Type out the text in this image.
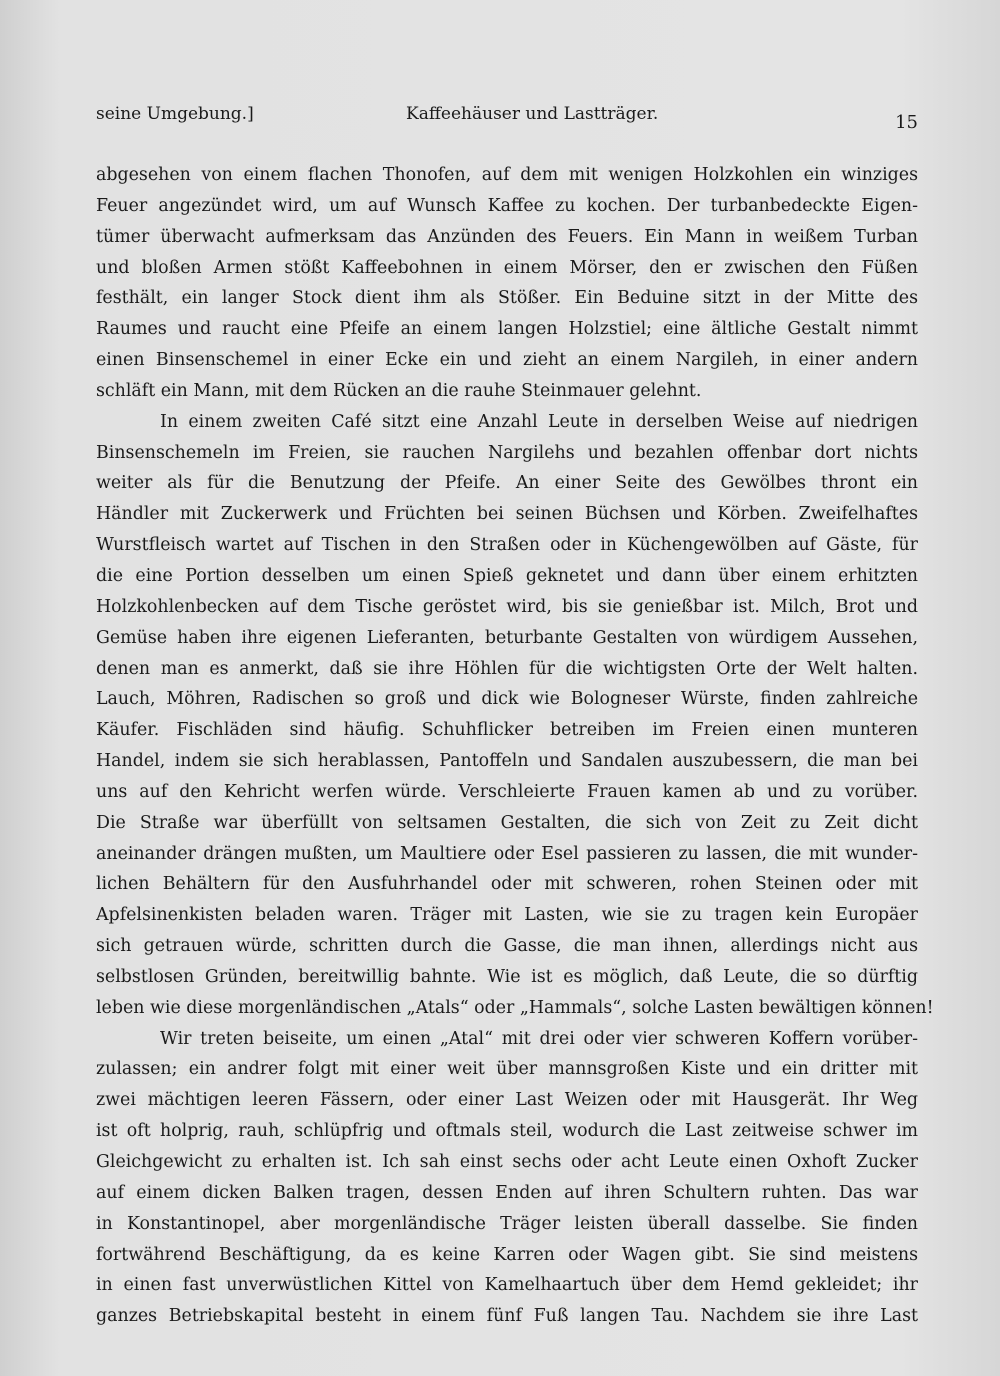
seine Umgebung.]	Kaffeehäuser und Lastträger.	15
abgesehen von einem flachen Thonofen, auf dem mit wenigen Holzkohlen ein winziges
Feuer angezündet wird, um auf Wunsch Kaffee zu kochen. Der turbanbedeckte Eigen-
tümer überwacht aufmerksam das Anzünden des Feuers. Ein Mann in weißem Turban
und bloßen Armen stößt Kaffeebohnen in einem Mörser, den er zwischen den Füßen
festhält, ein langer Stock dient ihm als Stößer. Ein Beduine sitzt in der Mitte des
Raumes und raucht eine Pfeife an einem langen Holzstiel; eine ältliche Gestalt nimmt
einen Binsenschemel in einer Ecke ein und zieht an einem Nargileh, in einer andern
schläft ein Mann, mit dem Rücken an die rauhe Steinmauer gelehnt.
In einem zweiten Café sitzt eine Anzahl Leute in derselben Weise auf niedrigen
Binsenschemeln im Freien, sie rauchen Nargilehs und bezahlen offenbar dort nichts
weiter als für die Benutzung der Pfeife. An einer Seite des Gewölbes thront ein
Händler mit Zuckerwerk und Früchten bei seinen Büchsen und Körben. Zweifelhaftes
Wurstfleisch wartet auf Tischen in den Straßen oder in Küchengewölben auf Gäste, für
die eine Portion desselben um einen Spieß geknetet und dann über einem erhitzten
Holzkohlenbecken auf dem Tische geröstet wird, bis sie genießbar ist. Milch, Brot und
Gemüse haben ihre eigenen Lieferanten, beturbante Gestalten von würdigem Aussehen,
denen man es anmerkt, daß sie ihre Höhlen für die wichtigsten Orte der Welt halten.
Lauch, Möhren, Radischen so groß und dick wie Bologneser Würste, finden zahlreiche
Käufer. Fischläden sind häufig. Schuhflicker betreiben im Freien einen munteren
Handel, indem sie sich herablassen, Pantoffeln und Sandalen auszubessern, die man bei
uns auf den Kehricht werfen würde. Verschleierte Frauen kamen ab und zu vorüber.
Die Straße war überfüllt von seltsamen Gestalten, die sich von Zeit zu Zeit dicht
aneinander drängen mußten, um Maultiere oder Esel passieren zu lassen, die mit wunder-
lichen Behältern für den Ausfuhrhandel oder mit schweren, rohen Steinen oder mit
Apfelsinenkisten beladen waren. Träger mit Lasten, wie sie zu tragen kein Europäer
sich getrauen würde, schritten durch die Gasse, die man ihnen, allerdings nicht aus
selbstlosen Gründen, bereitwillig bahnte. Wie ist es möglich, daß Leute, die so dürftig
leben wie diese morgenländischen „Atals“ oder „Hammals“, solche Lasten bewältigen können!
Wir treten beiseite, um einen „Atal“ mit drei oder vier schweren Koffern vorüber-
zulassen; ein andrer folgt mit einer weit über mannsgroßen Kiste und ein dritter mit
zwei mächtigen leeren Fässern, oder einer Last Weizen oder mit Hausgerät. Ihr Weg
ist oft holprig, rauh, schlüpfrig und oftmals steil, wodurch die Last zeitweise schwer im
Gleichgewicht zu erhalten ist. Ich sah einst sechs oder acht Leute einen Oxhoft Zucker
auf einem dicken Balken tragen, dessen Enden auf ihren Schultern ruhten. Das war
in Konstantinopel, aber morgenländische Träger leisten überall dasselbe. Sie finden
fortwährend Beschäftigung, da es keine Karren oder Wagen gibt. Sie sind meistens
in einen fast unverwüstlichen Kittel von Kamelhaartuch über dem Hemd gekleidet; ihr
ganzes Betriebskapital besteht in einem fünf Fuß langen Tau. Nachdem sie ihre Last
